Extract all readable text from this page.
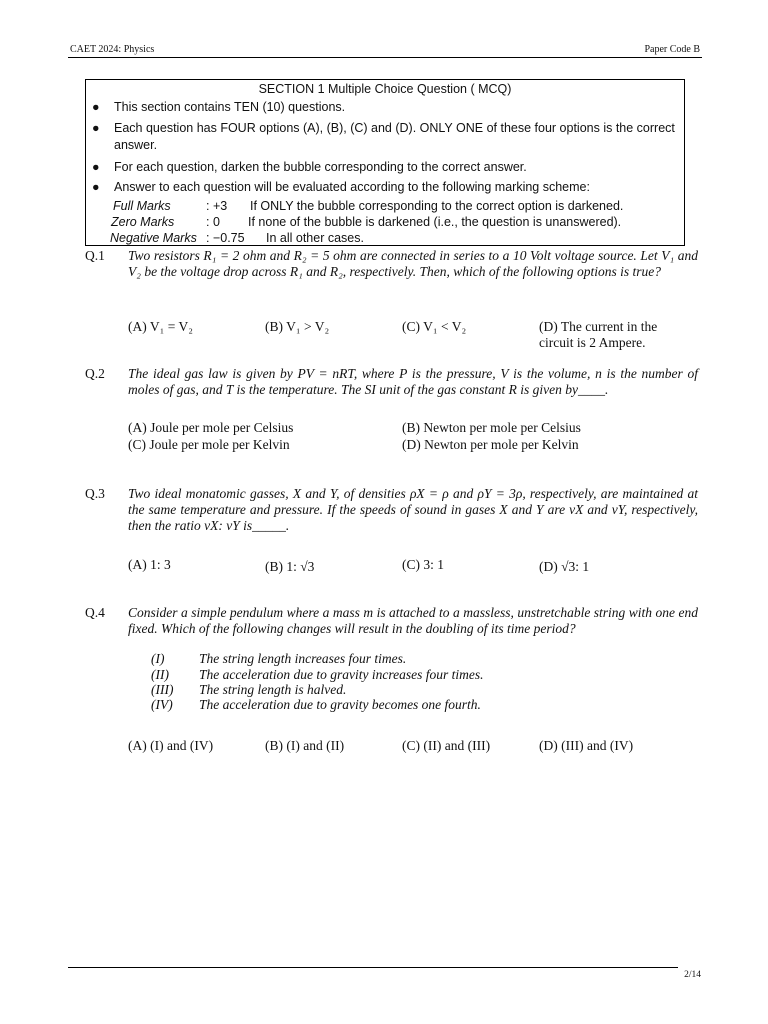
CAET 2024: Physics	Paper Code B
SECTION 1 Multiple Choice Question ( MCQ)
● This section contains TEN (10) questions.
● Each question has FOUR options (A), (B), (C) and (D). ONLY ONE of these four options is the correct answer.
● For each question, darken the bubble corresponding to the correct answer.
● Answer to each question will be evaluated according to the following marking scheme:
Full Marks	: +3 If ONLY the bubble corresponding to the correct option is darkened.
Zero Marks	: 0 If none of the bubble is darkened (i.e., the question is unanswered).
Negative Marks : −0.75 In all other cases.
Q.1 Two resistors R₁ = 2 ohm and R₂ = 5 ohm are connected in series to a 10 Volt voltage source. Let V₁ and V₂ be the voltage drop across R₁ and R₂, respectively. Then, which of the following options is true?
(A) V₁ = V₂	(B) V₁ > V₂	(C) V₁ < V₂	(D) The current in the circuit is 2 Ampere.
Q.2 The ideal gas law is given by PV = nRT, where P is the pressure, V is the volume, n is the number of moles of gas, and T is the temperature. The SI unit of the gas constant R is given by____.
(A) Joule per mole per Celsius	(B) Newton per mole per Celsius
(C) Joule per mole per Kelvin	(D) Newton per mole per Kelvin
Q.3 Two ideal monatomic gasses, X and Y, of densities ρX = ρ and ρY = 3ρ, respectively, are maintained at the same temperature and pressure. If the speeds of sound in gases X and Y are vX and vY, respectively, then the ratio vX: vY is_____.
(A) 1: 3	(B) 1: √3	(C) 3: 1	(D) √3: 1
Q.4 Consider a simple pendulum where a mass m is attached to a massless, unstretchable string with one end fixed. Which of the following changes will result in the doubling of its time period?
(I)	The string length increases four times.
(II) The acceleration due to gravity increases four times.
(III) The string length is halved.
(IV) The acceleration due to gravity becomes one fourth.
(A) (I) and (IV)	(B) (I) and (II)	(C) (II) and (III)	(D) (III) and (IV)
2/14
